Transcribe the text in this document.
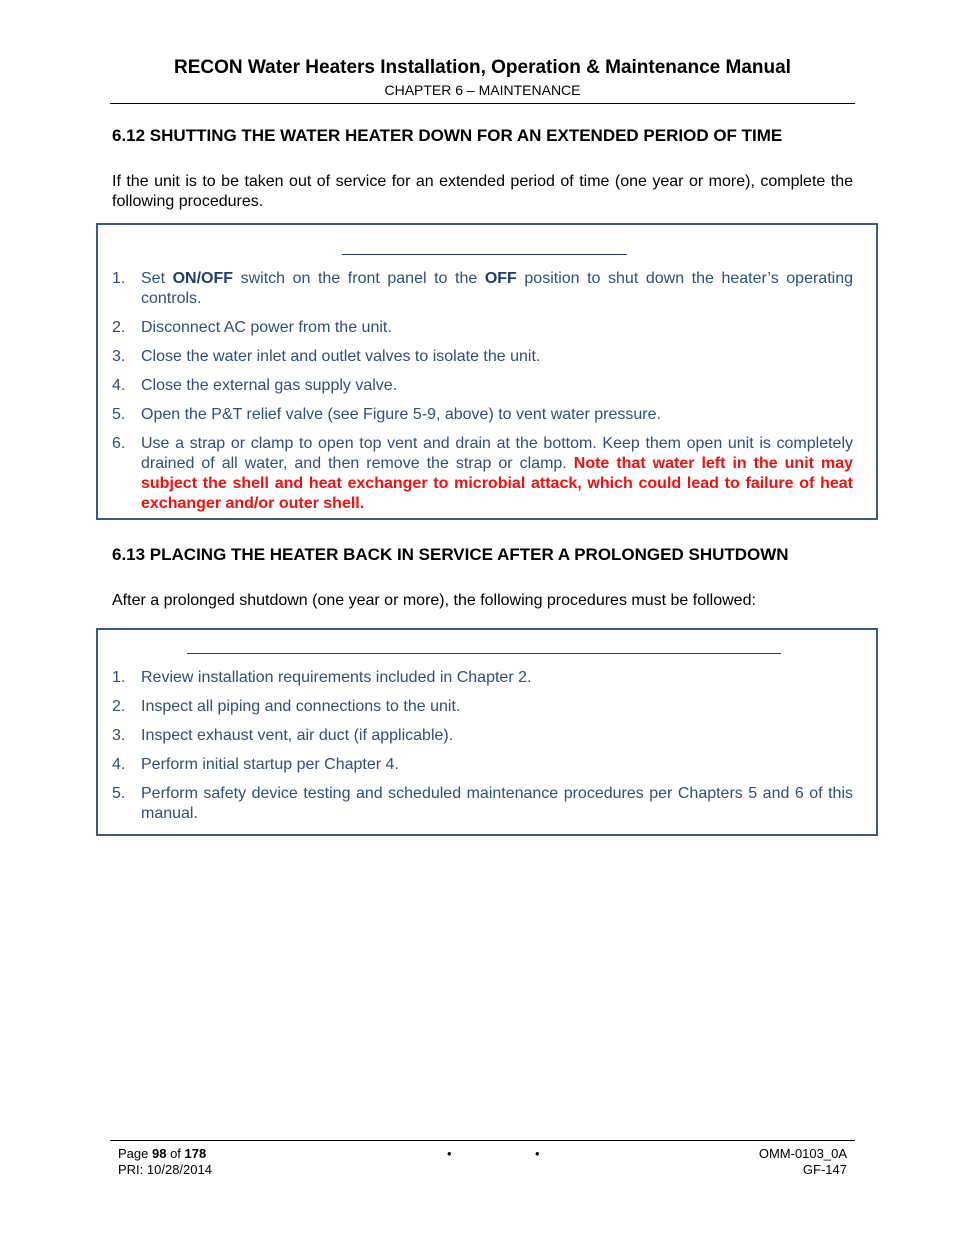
RECON Water Heaters Installation, Operation & Maintenance Manual
CHAPTER 6 – MAINTENANCE
6.12 SHUTTING THE WATER HEATER DOWN FOR AN EXTENDED PERIOD OF TIME
If the unit is to be taken out of service for an extended period of time (one year or more), complete the following procedures.
1. Set ON/OFF switch on the front panel to the OFF position to shut down the heater’s operating controls.
2. Disconnect AC power from the unit.
3. Close the water inlet and outlet valves to isolate the unit.
4. Close the external gas supply valve.
5. Open the P&T relief valve (see Figure 5-9, above) to vent water pressure.
6. Use a strap or clamp to open top vent and drain at the bottom. Keep them open unit is completely drained of all water, and then remove the strap or clamp. Note that water left in the unit may subject the shell and heat exchanger to microbial attack, which could lead to failure of heat exchanger and/or outer shell.
6.13 PLACING THE HEATER BACK IN SERVICE AFTER A PROLONGED SHUTDOWN
After a prolonged shutdown (one year or more), the following procedures must be followed:
1. Review installation requirements included in Chapter 2.
2. Inspect all piping and connections to the unit.
3. Inspect exhaust vent, air duct (if applicable).
4. Perform initial startup per Chapter 4.
5. Perform safety device testing and scheduled maintenance procedures per Chapters 5 and 6 of this manual.
Page 98 of 178
PRI: 10/28/2014
•	•	OMM-0103_0A
GF-147
